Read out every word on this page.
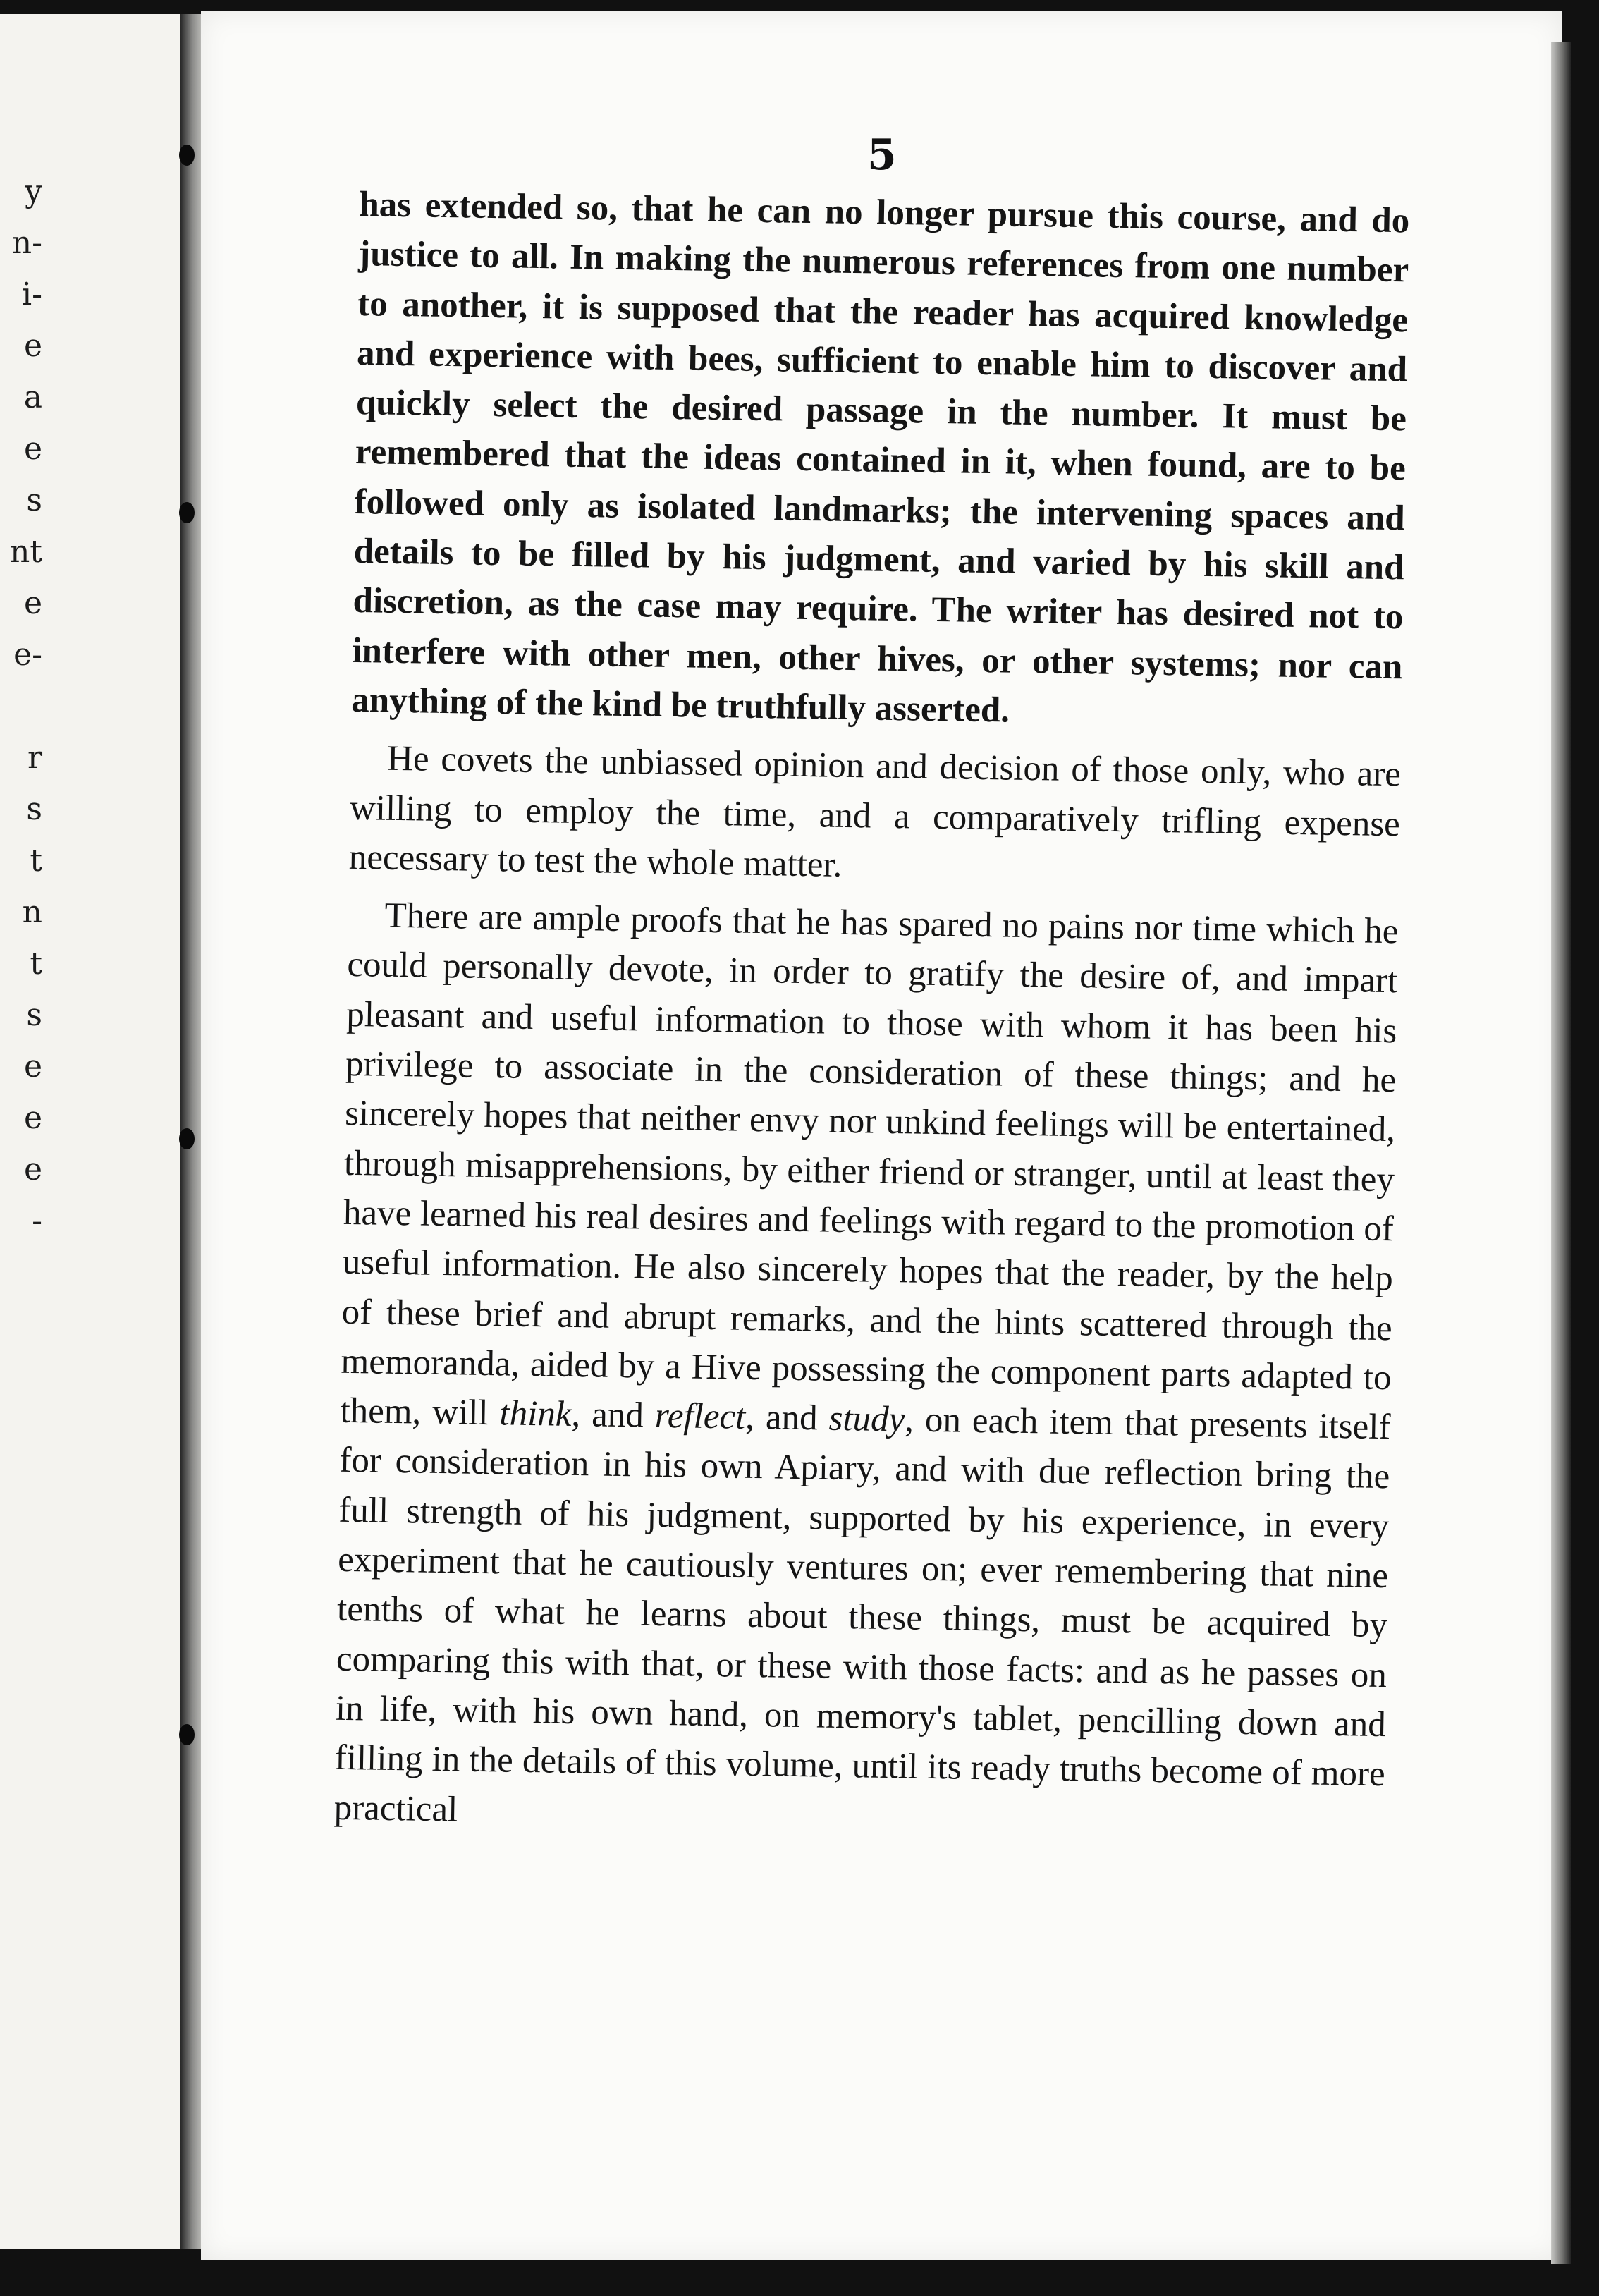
y
n-
i-
e
a
e
s
nt
e
e-
r
s
t
n
t
s
e
e
e
-
5

has extended so, that he can no longer pursue this course, and do justice to all. In making the numerous references from one number to another, it is supposed that the reader has acquired knowledge and experience with bees, sufficient to enable him to discover and quickly select the desired passage in the number. It must be remembered that the ideas contained in it, when found, are to be followed only as isolated landmarks; the intervening spaces and details to be filled by his judgment, and varied by his skill and discretion, as the case may require. The writer has desired not to interfere with other men, other hives, or other systems; nor can anything of the kind be truthfully asserted.

He covets the unbiassed opinion and decision of those only, who are willing to employ the time, and a comparatively trifling expense necessary to test the whole matter.

There are ample proofs that he has spared no pains nor time which he could personally devote, in order to gratify the desire of, and impart pleasant and useful information to those with whom it has been his privilege to associate in the consideration of these things; and he sincerely hopes that neither envy nor unkind feelings will be entertained, through misapprehensions, by either friend or stranger, until at least they have learned his real desires and feelings with regard to the promotion of useful information. He also sincerely hopes that the reader, by the help of these brief and abrupt remarks, and the hints scattered through the memoranda, aided by a Hive possessing the component parts adapted to them, will think, and reflect, and study, on each item that presents itself for consideration in his own Apiary, and with due reflection bring the full strength of his judgment, supported by his experience, in every experiment that he cautiously ventures on; ever remembering that nine tenths of what he learns about these things, must be acquired by comparing this with that, or these with those facts: and as he passes on in life, with his own hand, on memory's tablet, pencilling down and filling in the details of this volume, until its ready truths become of more practical
